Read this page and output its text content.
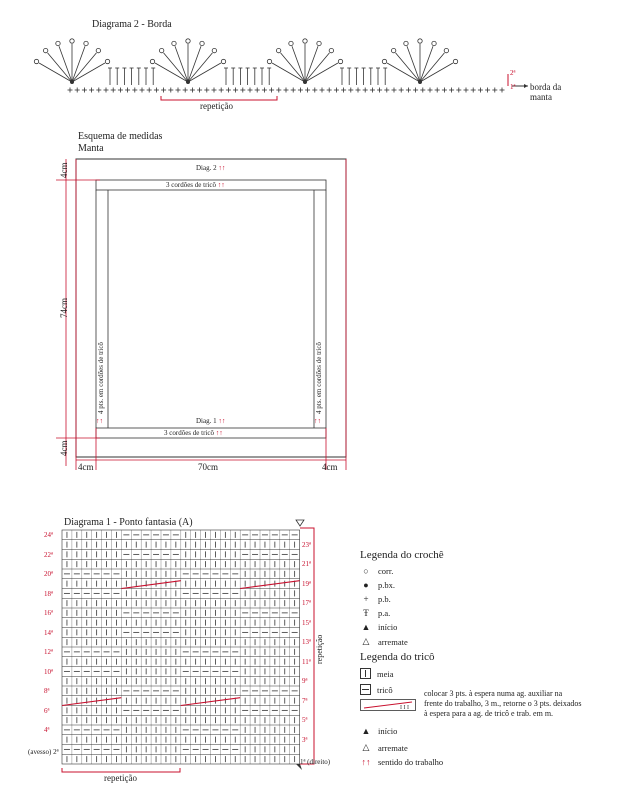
Diagrama 2 - Borda
repetição
2ª
1ª borda da manta
Esquema de medidas
Manta
Diag. 2 ↑↑
3 cordões de tricô ↑↑
Diag. 1 ↑↑
3 cordões de tricô ↑↑
4 pts. em cordões de tricô
↑↑
4 pts. em cordões de tricô
↑↑
4cm
74cm
4cm
4cm	70cm	4cm
Diagrama 1 - Ponto fantasia (A)
24ª
22ª
20ª
18ª
16ª
14ª
12ª
10ª
8ª
6ª
4ª
23ª
21ª
19ª
17ª
15ª
13ª
11ª
9ª
7ª
5ª
3ª
(avesso) 2ª
1ª (direito)
repetição
repetição
Legenda do crochê
○	corr.
●	p.bx.
+	p.b.
Ŧ	p.a.
▲ início
△ arremate
Legenda do tricô
meia
tricô
I I I
colocar 3 pts. à espera numa ag. auxiliar na
frente do trabalho, 3 m., retorne o 3 pts. deixados
à espera para a ag. de tricô e trab. em m.
▲ início
△ arremate
↑↑ sentido do trabalho
